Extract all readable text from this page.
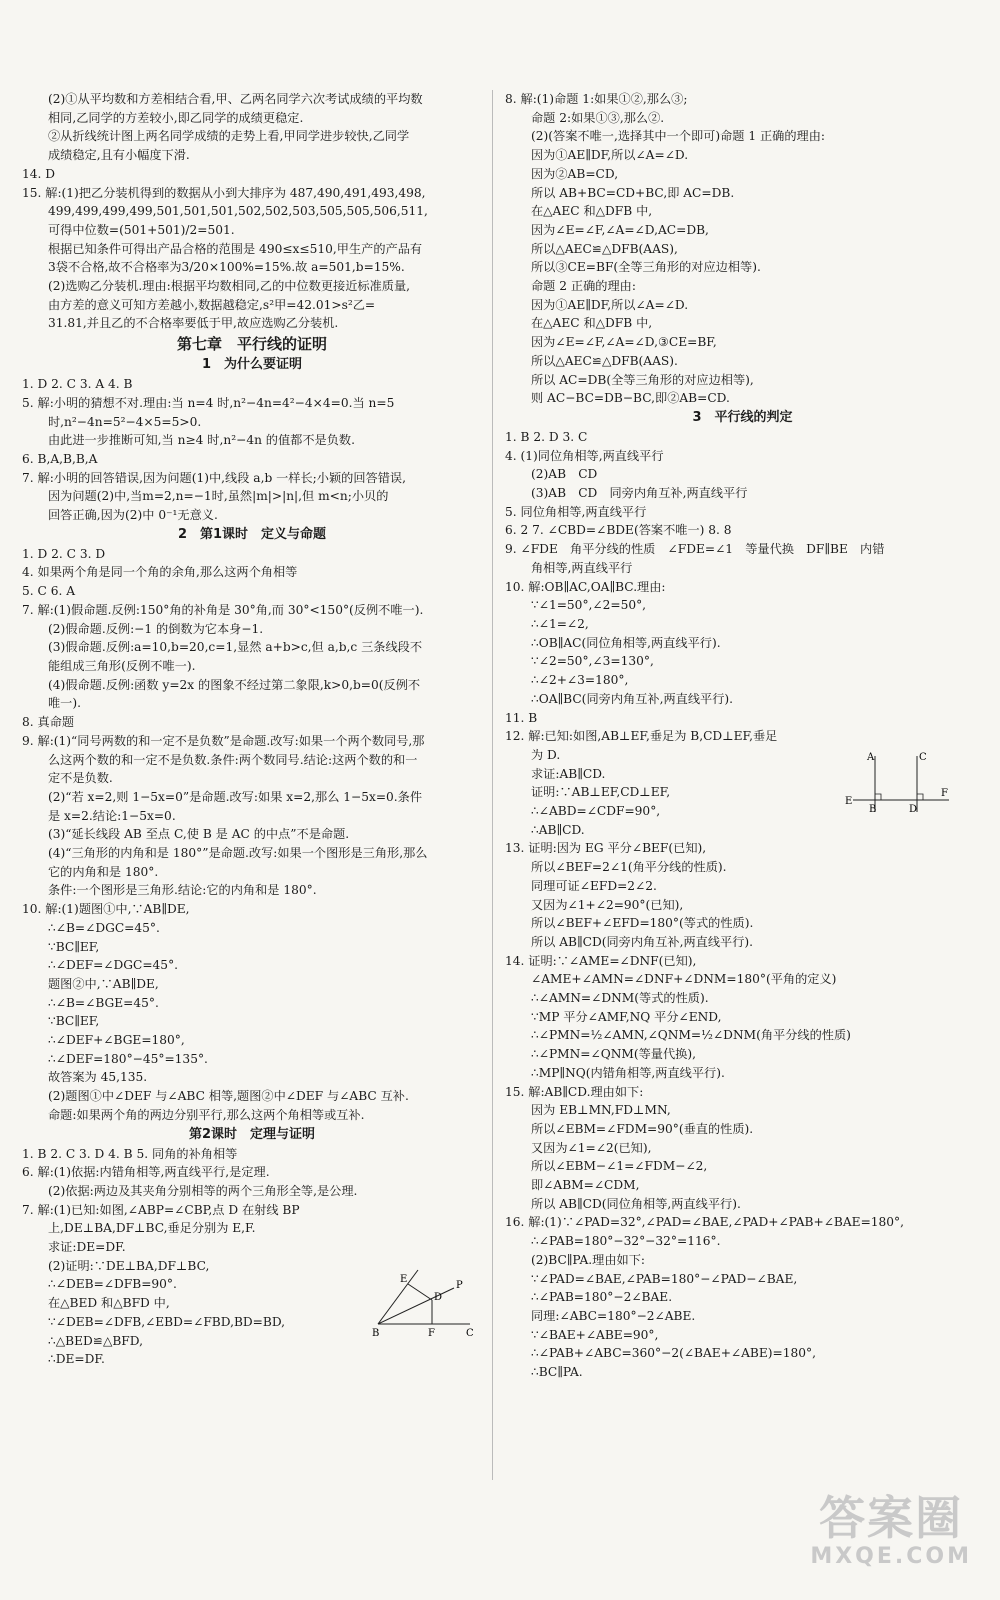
(2)①从平均数和方差相结合看,甲、乙两名同学六次考试成绩的平均数
相同,乙同学的方差较小,即乙同学的成绩更稳定.
②从折线统计图上两名同学成绩的走势上看,甲同学进步较快,乙同学
成绩稳定,且有小幅度下滑.
14. D
15. 解:(1)把乙分装机得到的数据从小到大排序为 487,490,491,493,498,
499,499,499,499,501,501,501,502,502,503,505,505,506,511,
可得中位数=(501+501)/2=501.
根据已知条件可得出产品合格的范围是 490≤x≤510,甲生产的产品有
3袋不合格,故不合格率为3/20×100%=15%.故 a=501,b=15%.
(2)选购乙分装机.理由:根据平均数相同,乙的中位数更接近标准质量,
由方差的意义可知方差越小,数据越稳定,s²甲=42.01>s²乙=
31.81,并且乙的不合格率要低于甲,故应选购乙分装机.
第七章　平行线的证明
1　为什么要证明
1. D 2. C 3. A 4. B
5. 解:小明的猜想不对.理由:当 n=4 时,n²−4n=4²−4×4=0.当 n=5
时,n²−4n=5²−4×5=5>0.
由此进一步推断可知,当 n≥4 时,n²−4n 的值都不是负数.
6. B,A,B,B,A
7. 解:小明的回答错误,因为问题(1)中,线段 a,b 一样长;小颖的回答错误,
因为问题(2)中,当m=2,n=−1时,虽然|m|>|n|,但 m<n;小贝的
回答正确,因为(2)中 0⁻¹无意义.
2　第1课时　定义与命题
1. D 2. C 3. D
4. 如果两个角是同一个角的余角,那么这两个角相等
5. C 6. A
7. 解:(1)假命题.反例:150°角的补角是 30°角,而 30°<150°(反例不唯一).
(2)假命题.反例:−1 的倒数为它本身−1.
(3)假命题.反例:a=10,b=20,c=1,显然 a+b>c,但 a,b,c 三条线段不
能组成三角形(反例不唯一).
(4)假命题.反例:函数 y=2x 的图象不经过第二象限,k>0,b=0(反例不
唯一).
8. 真命题
9. 解:(1)“同号两数的和一定不是负数”是命题.改写:如果一个两个数同号,那
么这两个数的和一定不是负数.条件:两个数同号.结论:这两个数的和一
定不是负数.
(2)“若 x=2,则 1−5x=0”是命题.改写:如果 x=2,那么 1−5x=0.条件
是 x=2.结论:1−5x=0.
(3)“延长线段 AB 至点 C,使 B 是 AC 的中点”不是命题.
(4)“三角形的内角和是 180°”是命题.改写:如果一个图形是三角形,那么
它的内角和是 180°.
条件:一个图形是三角形.结论:它的内角和是 180°.
10. 解:(1)题图①中,∵AB∥DE,
∴∠B=∠DGC=45°.
∵BC∥EF,
∴∠DEF=∠DGC=45°.
题图②中,∵AB∥DE,
∴∠B=∠BGE=45°.
∵BC∥EF,
∴∠DEF+∠BGE=180°,
∴∠DEF=180°−45°=135°.
故答案为 45,135.
(2)题图①中∠DEF 与∠ABC 相等,题图②中∠DEF 与∠ABC 互补.
命题:如果两个角的两边分别平行,那么这两个角相等或互补.
第2课时　定理与证明
1. B 2. C 3. D 4. B 5. 同角的补角相等
6. 解:(1)依据:内错角相等,两直线平行,是定理.
(2)依据:两边及其夹角分别相等的两个三角形全等,是公理.
7. 解:(1)已知:如图,∠ABP=∠CBP,点 D 在射线 BP
上,DE⊥BA,DF⊥BC,垂足分别为 E,F.
求证:DE=DF.
(2)证明:∵DE⊥BA,DF⊥BC,
∴∠DEB=∠DFB=90°.
在△BED 和△BFD 中,
∵∠DEB=∠DFB,∠EBD=∠FBD,BD=BD,
∴△BED≌△BFD,
∴DE=DF.
8. 解:(1)命题 1:如果①②,那么③;
命题 2:如果①③,那么②.
(2)(答案不唯一,选择其中一个即可)命题 1 正确的理由:
因为①AE∥DF,所以∠A=∠D.
因为②AB=CD,
所以 AB+BC=CD+BC,即 AC=DB.
在△AEC 和△DFB 中,
因为∠E=∠F,∠A=∠D,AC=DB,
所以△AEC≌△DFB(AAS),
所以③CE=BF(全等三角形的对应边相等).
命题 2 正确的理由:
因为①AE∥DF,所以∠A=∠D.
在△AEC 和△DFB 中,
因为∠E=∠F,∠A=∠D,③CE=BF,
所以△AEC≌△DFB(AAS).
所以 AC=DB(全等三角形的对应边相等),
则 AC−BC=DB−BC,即②AB=CD.
3　平行线的判定
1. B 2. D 3. C
4. (1)同位角相等,两直线平行
(2)AB　CD
(3)AB　CD　同旁内角互补,两直线平行
5. 同位角相等,两直线平行
6. 2 7. ∠CBD=∠BDE(答案不唯一) 8. 8
9. ∠FDE　角平分线的性质　∠FDE=∠1　等量代换　DF∥BE　内错
角相等,两直线平行
10. 解:OB∥AC,OA∥BC.理由:
∵∠1=50°,∠2=50°,
∴∠1=∠2,
∴OB∥AC(同位角相等,两直线平行).
∵∠2=50°,∠3=130°,
∴∠2+∠3=180°,
∴OA∥BC(同旁内角互补,两直线平行).
11. B
12. 解:已知:如图,AB⊥EF,垂足为 B,CD⊥EF,垂足
为 D.
求证:AB∥CD.
证明:∵AB⊥EF,CD⊥EF,
∴∠ABD=∠CDF=90°,
∴AB∥CD.
13. 证明:因为 EG 平分∠BEF(已知),
所以∠BEF=2∠1(角平分线的性质).
同理可证∠EFD=2∠2.
又因为∠1+∠2=90°(已知),
所以∠BEF+∠EFD=180°(等式的性质).
所以 AB∥CD(同旁内角互补,两直线平行).
14. 证明:∵∠AME=∠DNF(已知),
∠AME+∠AMN=∠DNF+∠DNM=180°(平角的定义)
∴∠AMN=∠DNM(等式的性质).
∵MP 平分∠AMF,NQ 平分∠END,
∴∠PMN=½∠AMN,∠QNM=½∠DNM(角平分线的性质)
∴∠PMN=∠QNM(等量代换),
∴MP∥NQ(内错角相等,两直线平行).
15. 解:AB∥CD.理由如下:
因为 EB⊥MN,FD⊥MN,
所以∠EBM=∠FDM=90°(垂直的性质).
又因为∠1=∠2(已知),
所以∠EBM−∠1=∠FDM−∠2,
即∠ABM=∠CDM,
所以 AB∥CD(同位角相等,两直线平行).
16. 解:(1)∵∠PAD=32°,∠PAD=∠BAE,∠PAD+∠PAB+∠BAE=180°,
∴∠PAB=180°−32°−32°=116°.
(2)BC∥PA.理由如下:
∵∠PAD=∠BAE,∠PAB=180°−∠PAD−∠BAE,
∴∠PAB=180°−2∠BAE.
同理:∠ABC=180°−2∠ABE.
∵∠BAE+∠ABE=90°,
∴∠PAB+∠ABC=360°−2(∠BAE+∠ABE)=180°,
∴BC∥PA.
E
P
D
B	F	C
A	C
E
B	D
F
答案圈
MXQE.COM
